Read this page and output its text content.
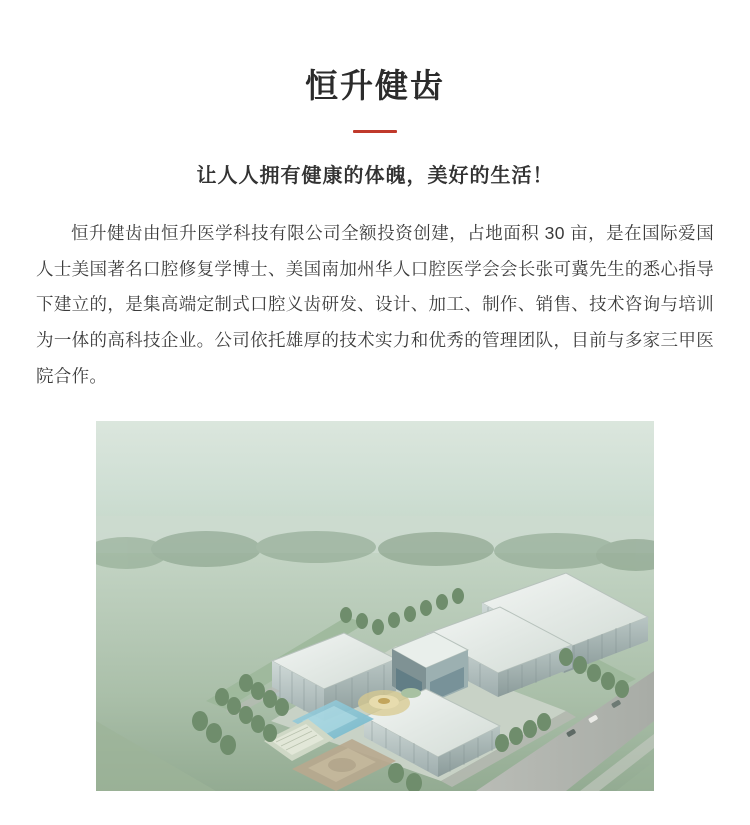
恒升健齿
让人人拥有健康的体魄，美好的生活！

恒升健齿由恒升医学科技有限公司全额投资创建，占地面积 30 亩，是在国际爱国人士美国著名口腔修复学博士、美国南加州华人口腔医学会会长张可冀先生的悉心指导下建立的，是集高端定制式口腔义齿研发、设计、加工、制作、销售、技术咨询与培训为一体的高科技企业。公司依托雄厚的技术实力和优秀的管理团队，目前与多家三甲医院合作。
